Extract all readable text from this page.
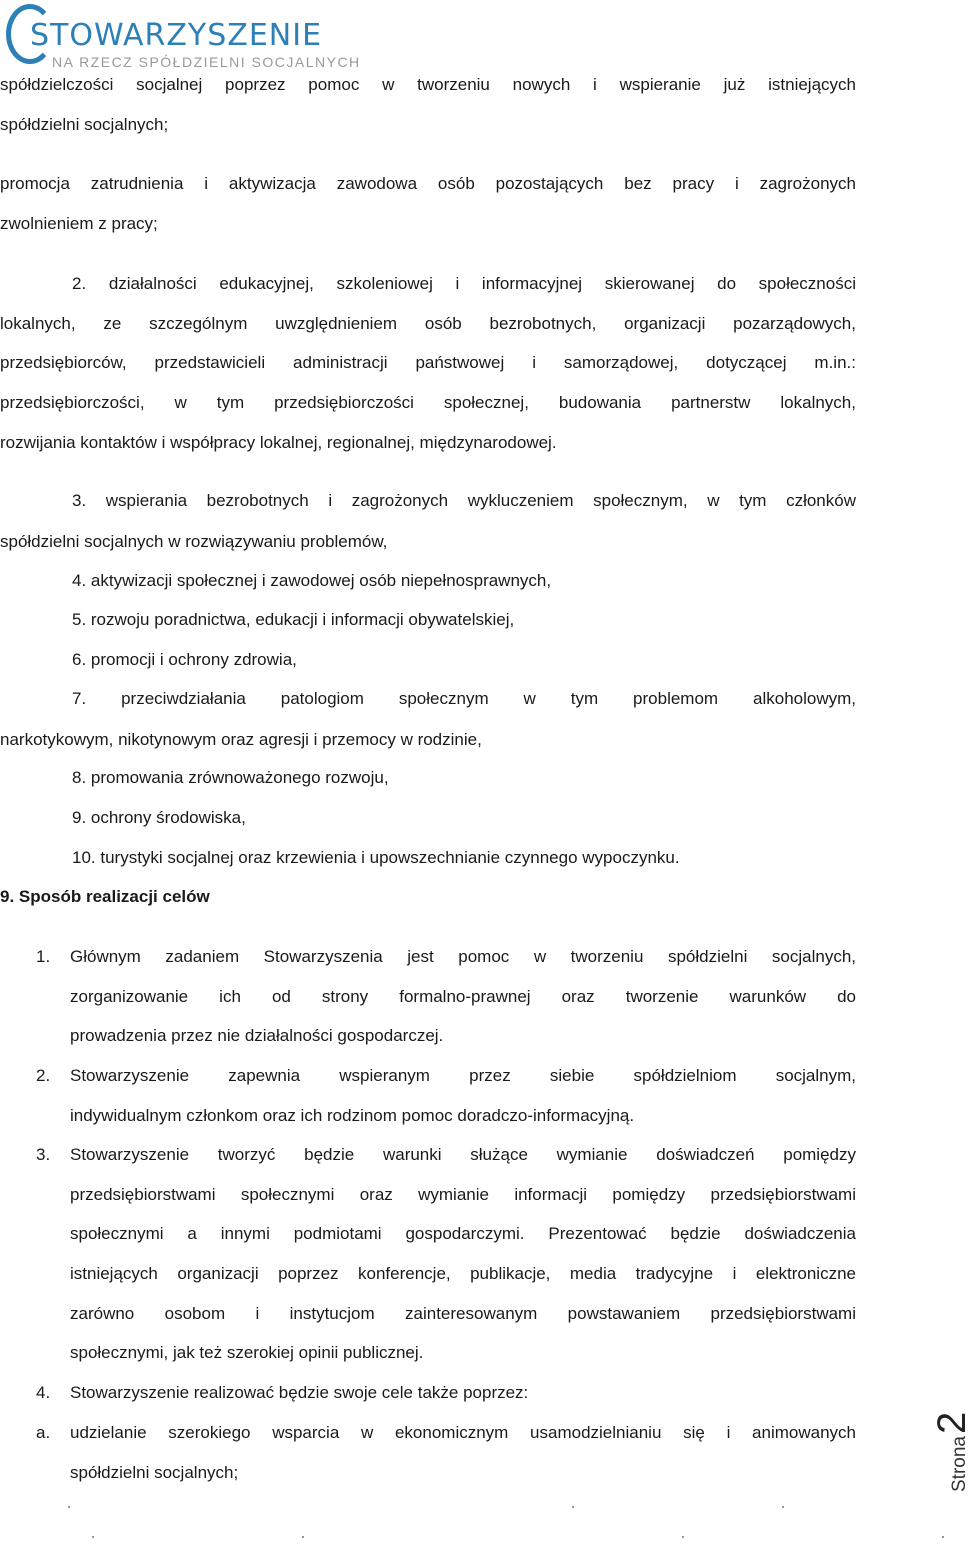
STOWARZYSZENIE
NA RZECZ SPÓŁDZIELNI SOCJALNYCH
spółdzielczości socjalnej poprzez pomoc w tworzeniu nowych i wspieranie już istniejących
spółdzielni socjalnych;
promocja zatrudnienia i aktywizacja zawodowa osób pozostających bez pracy i zagrożonych
zwolnieniem z pracy;
2. działalności edukacyjnej, szkoleniowej i informacyjnej skierowanej do społeczności
lokalnych, ze szczególnym uwzględnieniem osób bezrobotnych, organizacji pozarządowych,
przedsiębiorców, przedstawicieli administracji państwowej i samorządowej, dotyczącej m.in.:
przedsiębiorczości, w tym przedsiębiorczości społecznej, budowania partnerstw lokalnych,
rozwijania kontaktów i współpracy lokalnej, regionalnej, międzynarodowej.
3. wspierania bezrobotnych i zagrożonych wykluczeniem społecznym, w tym członków
spółdzielni socjalnych w rozwiązywaniu problemów,
4. aktywizacji społecznej i zawodowej osób niepełnosprawnych,
5. rozwoju poradnictwa, edukacji i informacji obywatelskiej,
6. promocji i ochrony zdrowia,
7. przeciwdziałania patologiom społecznym w tym problemom alkoholowym,
narkotykowym, nikotynowym oraz agresji i przemocy w rodzinie,
8. promowania zrównoważonego rozwoju,
9. ochrony środowiska,
10. turystyki socjalnej oraz krzewienia i upowszechnianie czynnego wypoczynku.
9. Sposób realizacji celów
1. Głównym zadaniem Stowarzyszenia jest pomoc w tworzeniu spółdzielni socjalnych,
zorganizowanie ich od strony formalno-prawnej oraz tworzenie warunków do
prowadzenia przez nie działalności gospodarczej.
2. Stowarzyszenie zapewnia wspieranym przez siebie spółdzielniom socjalnym,
indywidualnym członkom oraz ich rodzinom pomoc doradczo-informacyjną.
3. Stowarzyszenie tworzyć będzie warunki służące wymianie doświadczeń pomiędzy
przedsiębiorstwami społecznymi oraz wymianie informacji pomiędzy przedsiębiorstwami
społecznymi a innymi podmiotami gospodarczymi. Prezentować będzie doświadczenia
istniejących organizacji poprzez konferencje, publikacje, media tradycyjne i elektroniczne
zarówno osobom i instytucjom zainteresowanym powstawaniem przedsiębiorstwami
społecznymi, jak też szerokiej opinii publicznej.
4. Stowarzyszenie realizować będzie swoje cele także poprzez:
a. udzielanie szerokiego wsparcia w ekonomicznym usamodzielnianiu się i animowanych
spółdzielni socjalnych;	Strona
2
